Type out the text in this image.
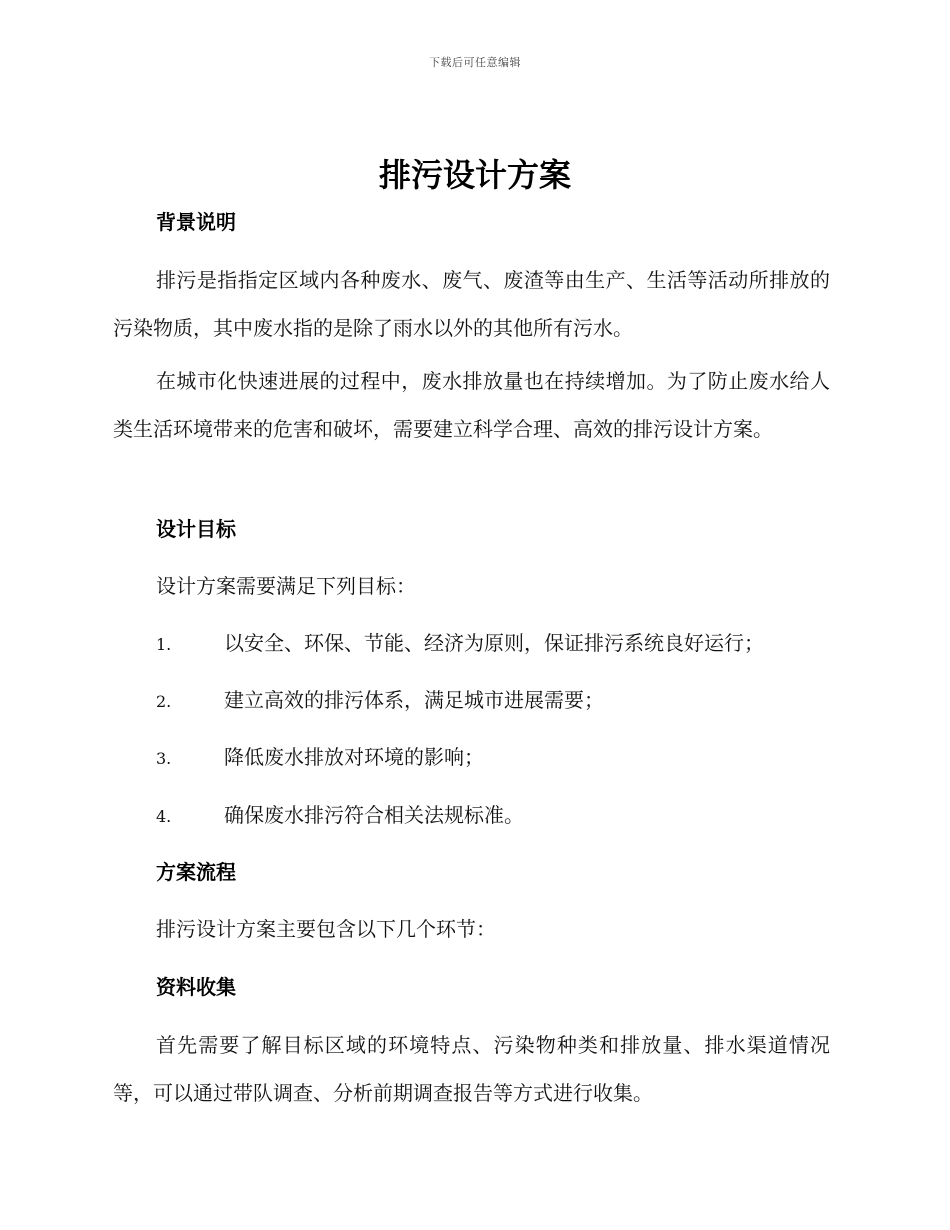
下载后可任意编辑
排污设计方案
背景说明

排污是指指定区域内各种废水、废气、废渣等由生产、生活等活动所排放的污染物质，其中废水指的是除了雨水以外的其他所有污水。

在城市化快速进展的过程中，废水排放量也在持续增加。为了防止废水给人类生活环境带来的危害和破坏，需要建立科学合理、高效的排污设计方案。

设计目标
设计方案需要满足下列目标：
1.	以安全、环保、节能、经济为原则，保证排污系统良好运行；
2.	建立高效的排污体系，满足城市进展需要；
3.	降低废水排放对环境的影响；
4.	确保废水排污符合相关法规标准。
方案流程
排污设计方案主要包含以下几个环节：
资料收集

首先需要了解目标区域的环境特点、污染物种类和排放量、排水渠道情况等，可以通过带队调查、分析前期调查报告等方式进行收集。
